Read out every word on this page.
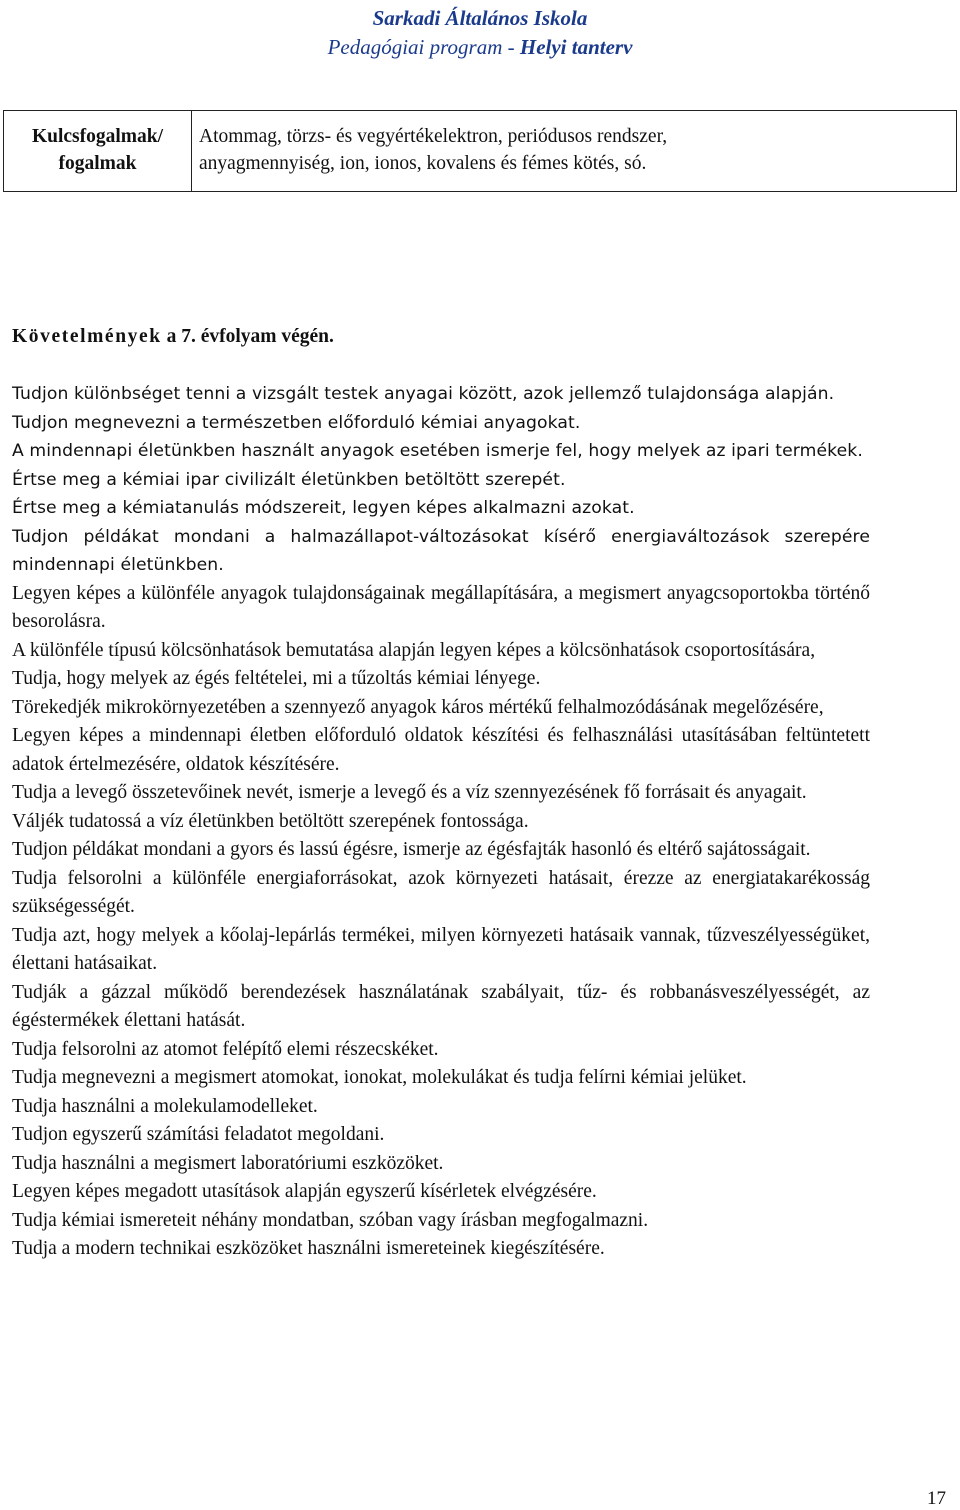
Sarkadi Általános Iskola
Pedagógiai program - Helyi tanterv
Kulcsfogalmak/
fogalmak
Atommag, törzs- és vegyértékelektron, periódusos rendszer,
anyagmennyiség, ion, ionos, kovalens és fémes kötés, só.
Követelmények a 7. évfolyam végén.
Tudjon különbséget tenni a vizsgált testek anyagai között, azok jellemző tulajdonsága alapján.
Tudjon megnevezni a természetben előforduló kémiai anyagokat.
A mindennapi életünkben használt anyagok esetében ismerje fel, hogy melyek az ipari termékek.
Értse meg a kémiai ipar civilizált életünkben betöltött szerepét.
Értse meg a kémiatanulás módszereit, legyen képes alkalmazni azokat.
Tudjon példákat mondani a halmazállapot-változásokat kísérő energiaváltozások szerepére mindennapi életünkben.
Legyen képes a különféle anyagok tulajdonságainak megállapítására, a megismert anyagcsoportokba történő besorolásra.
A különféle típusú kölcsönhatások bemutatása alapján legyen képes a kölcsönhatások csoportosítására,
Tudja, hogy melyek az égés feltételei, mi a tűzoltás kémiai lényege.
Törekedjék mikrokörnyezetében a szennyező anyagok káros mértékű felhalmozódásának megelőzésére,
Legyen képes a mindennapi életben előforduló oldatok készítési és felhasználási utasításában feltüntetett adatok értelmezésére, oldatok készítésére.
Tudja a levegő összetevőinek nevét, ismerje a levegő és a víz szennyezésének fő forrásait és anyagait.
Váljék tudatossá a víz életünkben betöltött szerepének fontossága.
Tudjon példákat mondani a gyors és lassú égésre, ismerje az égésfajták hasonló és eltérő sajátosságait.
Tudja felsorolni a különféle energiaforrásokat, azok környezeti hatásait, érezze az energiatakarékosság szükségességét.
Tudja azt, hogy melyek a kőolaj-lepárlás termékei, milyen környezeti hatásaik vannak, tűzveszélyességüket, élettani hatásaikat.
Tudják a gázzal működő berendezések használatának szabályait, tűz- és robbanásveszélyességét, az égéstermékek élettani hatását.
Tudja felsorolni az atomot felépítő elemi részecskéket.
Tudja megnevezni a megismert atomokat, ionokat, molekulákat és tudja felírni kémiai jelüket.
Tudja használni a molekulamodelleket.
Tudjon egyszerű számítási feladatot megoldani.
Tudja használni a megismert laboratóriumi eszközöket.
Legyen képes megadott utasítások alapján egyszerű kísérletek elvégzésére.
Tudja kémiai ismereteit néhány mondatban, szóban vagy írásban megfogalmazni.
Tudja a modern technikai eszközöket használni ismereteinek kiegészítésére.
17
